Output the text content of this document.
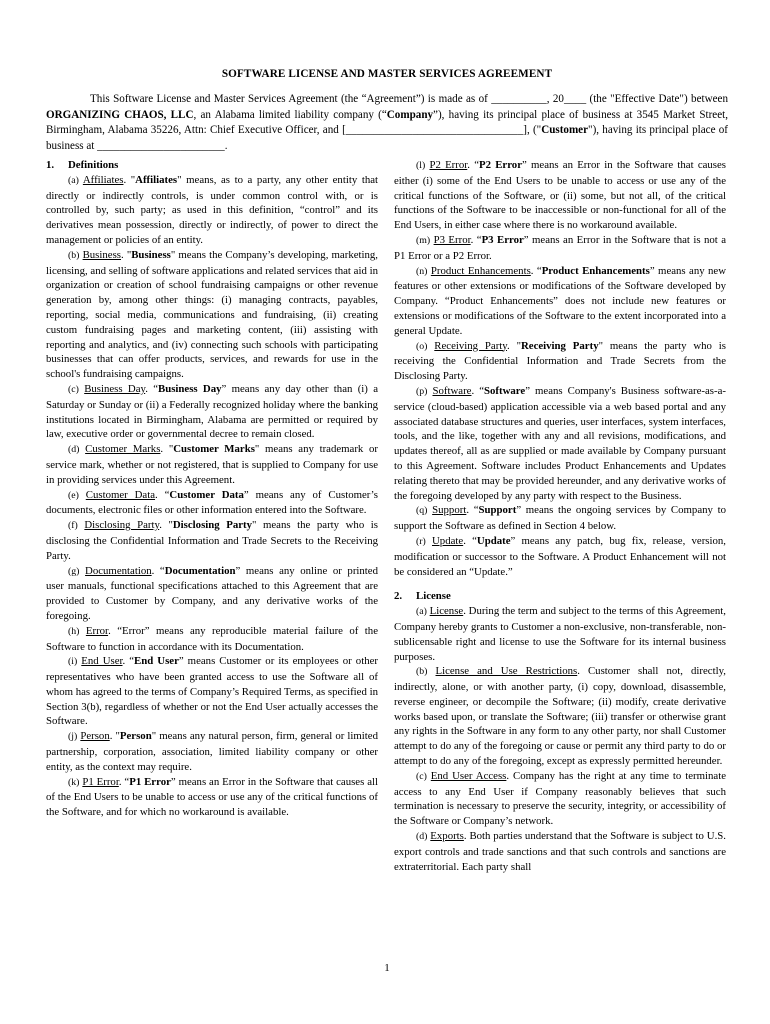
SOFTWARE LICENSE AND MASTER SERVICES AGREEMENT

This Software License and Master Services Agreement (the “Agreement”) is made as of __________, 20____ (the "Effective Date") between ORGANIZING CHAOS, LLC, an Alabama limited liability company (“Company”), having its principal place of business at 3545 Market Street, Birmingham, Alabama 35226, Attn: Chief Executive Officer, and [________________________________], ("Customer"), having its principal place of business at _______________________.

1. Definitions

(a) Affiliates. "Affiliates" means, as to a party, any other entity that directly or indirectly controls, is under common control with, or is controlled by, such party; as used in this definition, “control” and its derivatives mean possession, directly or indirectly, of power to direct the management or policies of an entity.

(b) Business. "Business" means the Company’s developing, marketing, licensing, and selling of software applications and related services that aid in organization or creation of school fundraising campaigns or other revenue generation by, among other things: (i) managing contracts, payables, reporting, social media, communications and fundraising, (ii) creating custom fundraising pages and marketing content, (iii) assisting with reporting and analytics, and (iv) connecting such schools with participating businesses that can offer products, services, and rewards for use in the school's fundraising campaigns.

(c) Business Day. “Business Day” means any day other than (i) a Saturday or Sunday or (ii) a Federally recognized holiday where the banking institutions located in Birmingham, Alabama are permitted or required by law, executive order or governmental decree to remain closed.

(d) Customer Marks. "Customer Marks" means any trademark or service mark, whether or not registered, that is supplied to Company for use in providing services under this Agreement.

(e) Customer Data. “Customer Data” means any of Customer’s documents, electronic files or other information entered into the Software.

(f) Disclosing Party. "Disclosing Party" means the party who is disclosing the Confidential Information and Trade Secrets to the Receiving Party.

(g) Documentation. “Documentation” means any online or printed user manuals, functional specifications attached to this Agreement that are provided to Customer by Company, and any derivative works of the foregoing.

(h) Error. “Error” means any reproducible material failure of the Software to function in accordance with its Documentation.

(i) End User. “End User” means Customer or its employees or other representatives who have been granted access to use the Software all of whom has agreed to the terms of Company’s Required Terms, as specified in Section 3(b), regardless of whether or not the End User actually accesses the Software.

(j) Person. "Person" means any natural person, firm, general or limited partnership, corporation, association, limited liability company or other entity, as the context may require.

(k) P1 Error. “P1 Error” means an Error in the Software that causes all of the End Users to be unable to access or use any of the critical functions of the Software, and for which no workaround is available.

(l) P2 Error. “P2 Error” means an Error in the Software that causes either (i) some of the End Users to be unable to access or use any of the critical functions of the Software, or (ii) some, but not all, of the critical functions of the Software to be inaccessible or non-functional for all of the End Users, in either case where there is no workaround available.

(m) P3 Error. “P3 Error” means an Error in the Software that is not a P1 Error or a P2 Error.

(n) Product Enhancements. “Product Enhancements” means any new features or other extensions or modifications of the Software developed by Company. “Product Enhancements” does not include new features or extensions or modifications of the Software to the extent incorporated into a general Update.

(o) Receiving Party. "Receiving Party" means the party who is receiving the Confidential Information and Trade Secrets from the Disclosing Party.

(p) Software. “Software” means Company's Business software-as-a-service (cloud-based) application accessible via a web based portal and any associated database structures and queries, user interfaces, system interfaces, tools, and the like, together with any and all revisions, modifications, and updates thereof, all as are supplied or made available by Company pursuant to this Agreement. Software includes Product Enhancements and Updates relating thereto that may be provided hereunder, and any derivative works of the foregoing developed by any party with respect to the Business.

(q) Support. “Support” means the ongoing services by Company to support the Software as defined in Section 4 below.

(r) Update. “Update” means any patch, bug fix, release, version, modification or successor to the Software. A Product Enhancement will not be considered an “Update.”

2. License

(a) License. During the term and subject to the terms of this Agreement, Company hereby grants to Customer a non-exclusive, non-transferable, non-sublicensable right and license to use the Software for its internal business purposes.

(b) License and Use Restrictions. Customer shall not, directly, indirectly, alone, or with another party, (i) copy, download, disassemble, reverse engineer, or decompile the Software; (ii) modify, create derivative works based upon, or translate the Software; (iii) transfer or otherwise grant any rights in the Software in any form to any other party, nor shall Customer attempt to do any of the foregoing or cause or permit any third party to do or attempt to do any of the foregoing, except as expressly permitted hereunder.

(c) End User Access. Company has the right at any time to terminate access to any End User if Company reasonably believes that such termination is necessary to preserve the security, integrity, or accessibility of the Software or Company’s network.

(d) Exports. Both parties understand that the Software is subject to U.S. export controls and trade sanctions and that such controls and sanctions are extraterritorial. Each party shall

1
